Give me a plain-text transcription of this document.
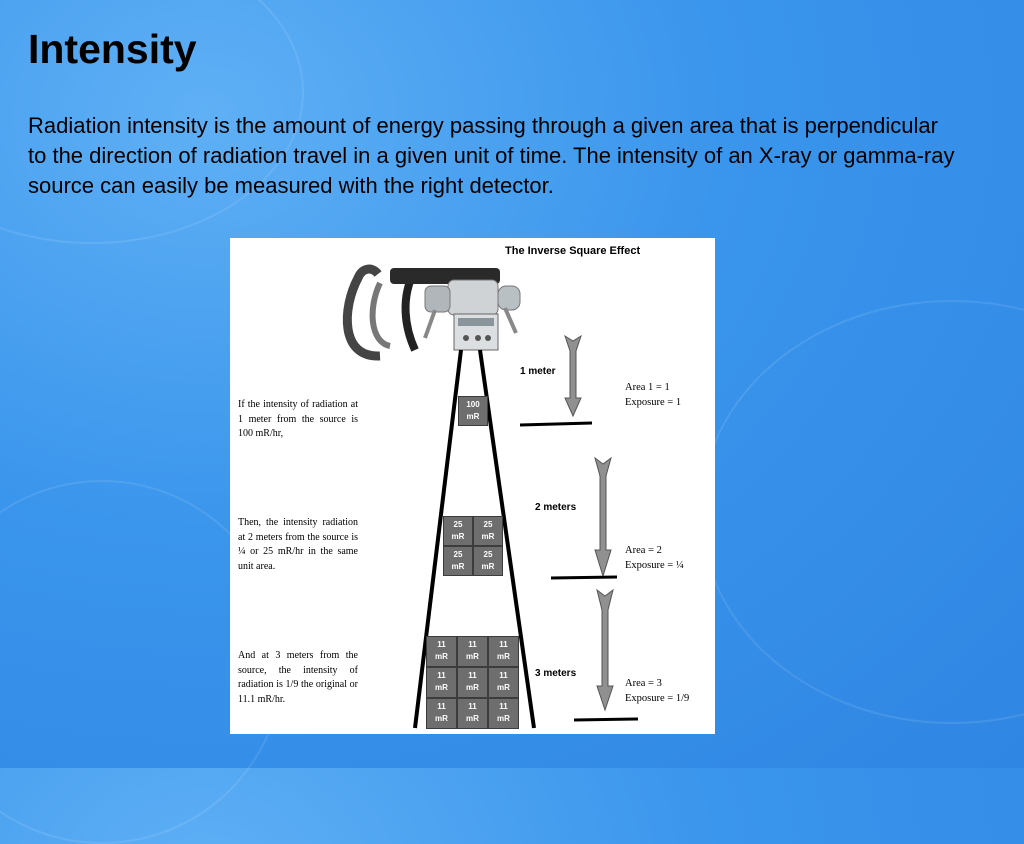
Intensity

Radiation intensity is the amount of energy passing through a given area that is perpendicular to the direction of radiation travel in a given unit of time. The intensity of an X-ray or gamma-ray source can easily be measured with the right detector.

The Inverse Square Effect
If the intensity of radiation at 1 meter from the source is 100 mR/hr,
Then, the intensity radiation at 2 meters from the source is ¼ or 25 mR/hr in the same unit area.
And at 3 meters from the source, the intensity of radiation is 1/9 the original or 11.1 mR/hr.
1 meter
2 meters
3 meters
Area 1 = 1
Exposure = 1
Area = 2
Exposure = ¼
Area = 3
Exposure = 1/9
100
mR
25
mR
25
mR
25
mR
25
mR
11
mR
11
mR
11
mR
11
mR
11
mR
11
mR
11
mR
11
mR
11
mR
